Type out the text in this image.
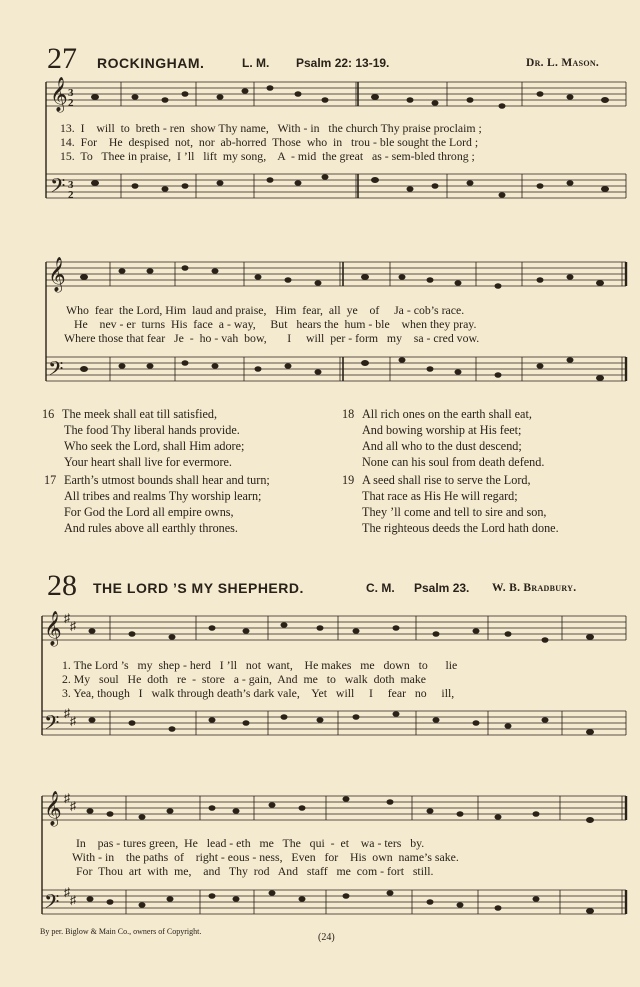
27 ROCKINGHAM.	L. M. Psalm 22: 13-19.	Dr. L. Mason.
𝄞
𝄢
3
2
3
2
13.  I    will  to  breth - ren  show Thy name,   With - in   the church Thy praise proclaim ;
14.  For    He  despised  not,  nor  ab-horred  Those  who  in   trou - ble sought the Lord ;
15.  To   Thee in praise,  I ’ll   lift  my song,    A  - mid  the great   as - sem-bled throng ;
𝄞
𝄢
Who  fear  the Lord, Him  laud and praise,   Him  fear,  all  ye    of     Ja - cob’s race.
He    nev - er  turns  His  face  a - way,     But   hears the  hum - ble    when they pray.
Where those that fear   Je  -  ho - vah  bow,       I     will  per - form   my    sa - cred vow.
16 The meek shall eat till satisfied,
The food Thy liberal hands provide.
Who seek the Lord, shall Him adore;
Your heart shall live for evermore.
17 Earth’s utmost bounds shall hear and turn;
All tribes and realms Thy worship learn;
For God the Lord all empire owns,
And rules above all earthly thrones.
18 All rich ones on the earth shall eat,
And bowing worship at His feet;
And all who to the dust descend;
None can his soul from death defend.
19 A seed shall rise to serve the Lord,
That race as His He will regard;
They ’ll come and tell to sire and son,
The righteous deeds the Lord hath done.
28 THE LORD ’S MY SHEPHERD.	C. M. Psalm 23. W. B. Bradbury.
𝄞
𝄢
♯
♯
♯
♯
1. The Lord ’s   my  shep - herd   I ’ll   not  want,    He makes   me   down   to      lie
2. My   soul   He  doth   re  -  store   a - gain,  And  me   to   walk  doth  make
3. Yea, though   I   walk through death’s dark vale,    Yet   will     I     fear   no     ill,
𝄞
𝄢
♯
♯
♯
♯
In    pas - tures green,  He   lead - eth   me   The   qui  -  et    wa - ters   by.
With - in    the paths  of    right - eous - ness,   Even   for    His  own  name’s sake.
For  Thou  art  with  me,    and   Thy  rod   And   staff   me  com - fort   still.
By per. Biglow & Main Co., owners of Copyright.
(24)
